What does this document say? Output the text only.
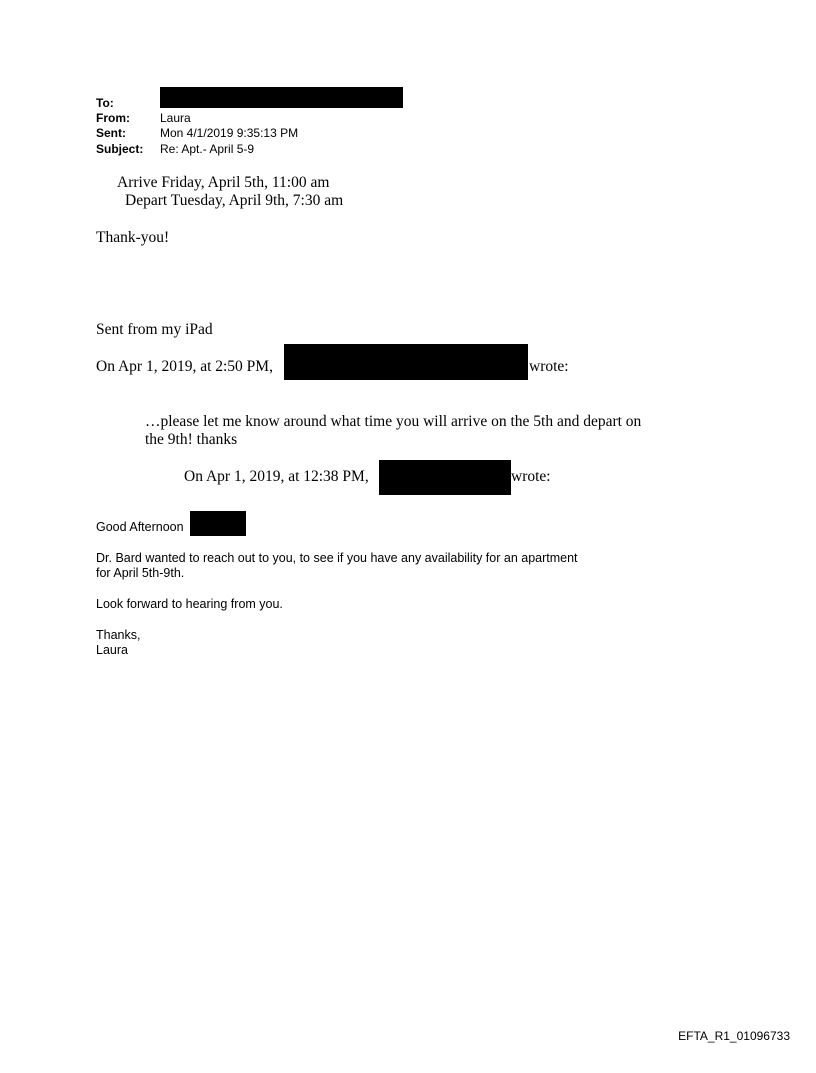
To:
From:	Laura
Sent:	Mon 4/1/2019 9:35:13 PM
Subject: Re: Apt.- April 5-9
Arrive Friday, April 5th, 11:00 am
Depart Tuesday, April 9th, 7:30 am
Thank-you!
Sent from my iPad
On Apr 1, 2019, at 2:50 PM,	wrote:
…please let me know around what time you will arrive on the 5th and depart on
the 9th! thanks
On Apr 1, 2019, at 12:38 PM,	wrote:
Good Afternoon
Dr. Bard wanted to reach out to you, to see if you have any availability for an apartment
for April 5th-9th.
Look forward to hearing from you.
Thanks,
Laura
EFTA_R1_01096733
